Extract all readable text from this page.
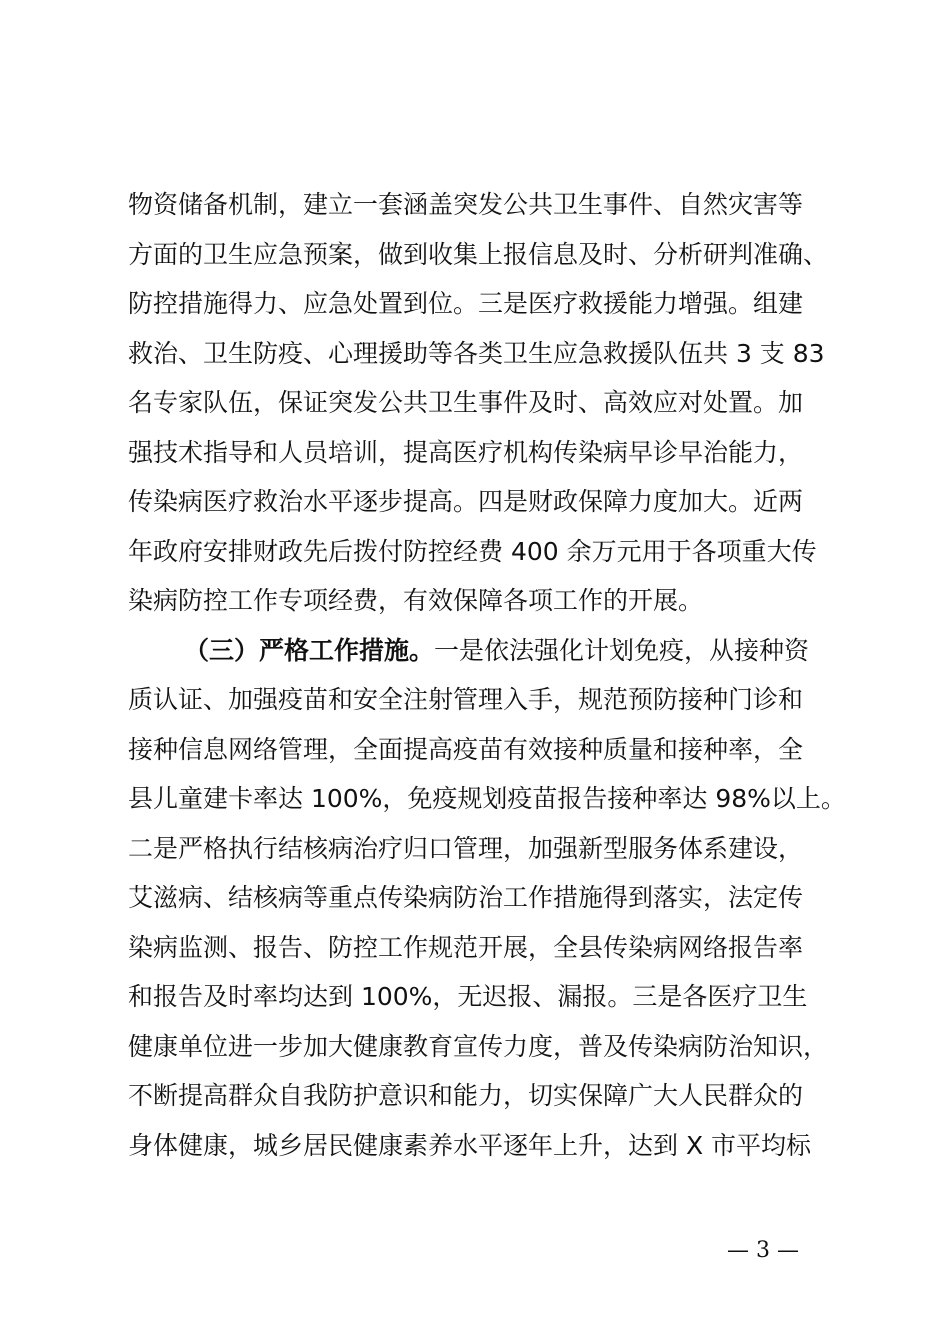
物资储备机制，建立一套涵盖突发公共卫生事件、自然灾害等
方面的卫生应急预案，做到收集上报信息及时、分析研判准确、
防控措施得力、应急处置到位。三是医疗救援能力增强。组建
救治、卫生防疫、心理援助等各类卫生应急救援队伍共 3 支 83
名专家队伍，保证突发公共卫生事件及时、高效应对处置。加
强技术指导和人员培训，提高医疗机构传染病早诊早治能力，
传染病医疗救治水平逐步提高。四是财政保障力度加大。近两
年政府安排财政先后拨付防控经费 400 余万元用于各项重大传
染病防控工作专项经费，有效保障各项工作的开展。
（三）严格工作措施。一是依法强化计划免疫，从接种资
质认证、加强疫苗和安全注射管理入手，规范预防接种门诊和
接种信息网络管理，全面提高疫苗有效接种质量和接种率，全
县儿童建卡率达 100%，免疫规划疫苗报告接种率达 98%以上。
二是严格执行结核病治疗归口管理，加强新型服务体系建设，
艾滋病、结核病等重点传染病防治工作措施得到落实，法定传
染病监测、报告、防控工作规范开展，全县传染病网络报告率
和报告及时率均达到 100%，无迟报、漏报。三是各医疗卫生
健康单位进一步加大健康教育宣传力度，普及传染病防治知识，
不断提高群众自我防护意识和能力，切实保障广大人民群众的
身体健康，城乡居民健康素养水平逐年上升，达到 X 市平均标
— 3 —
